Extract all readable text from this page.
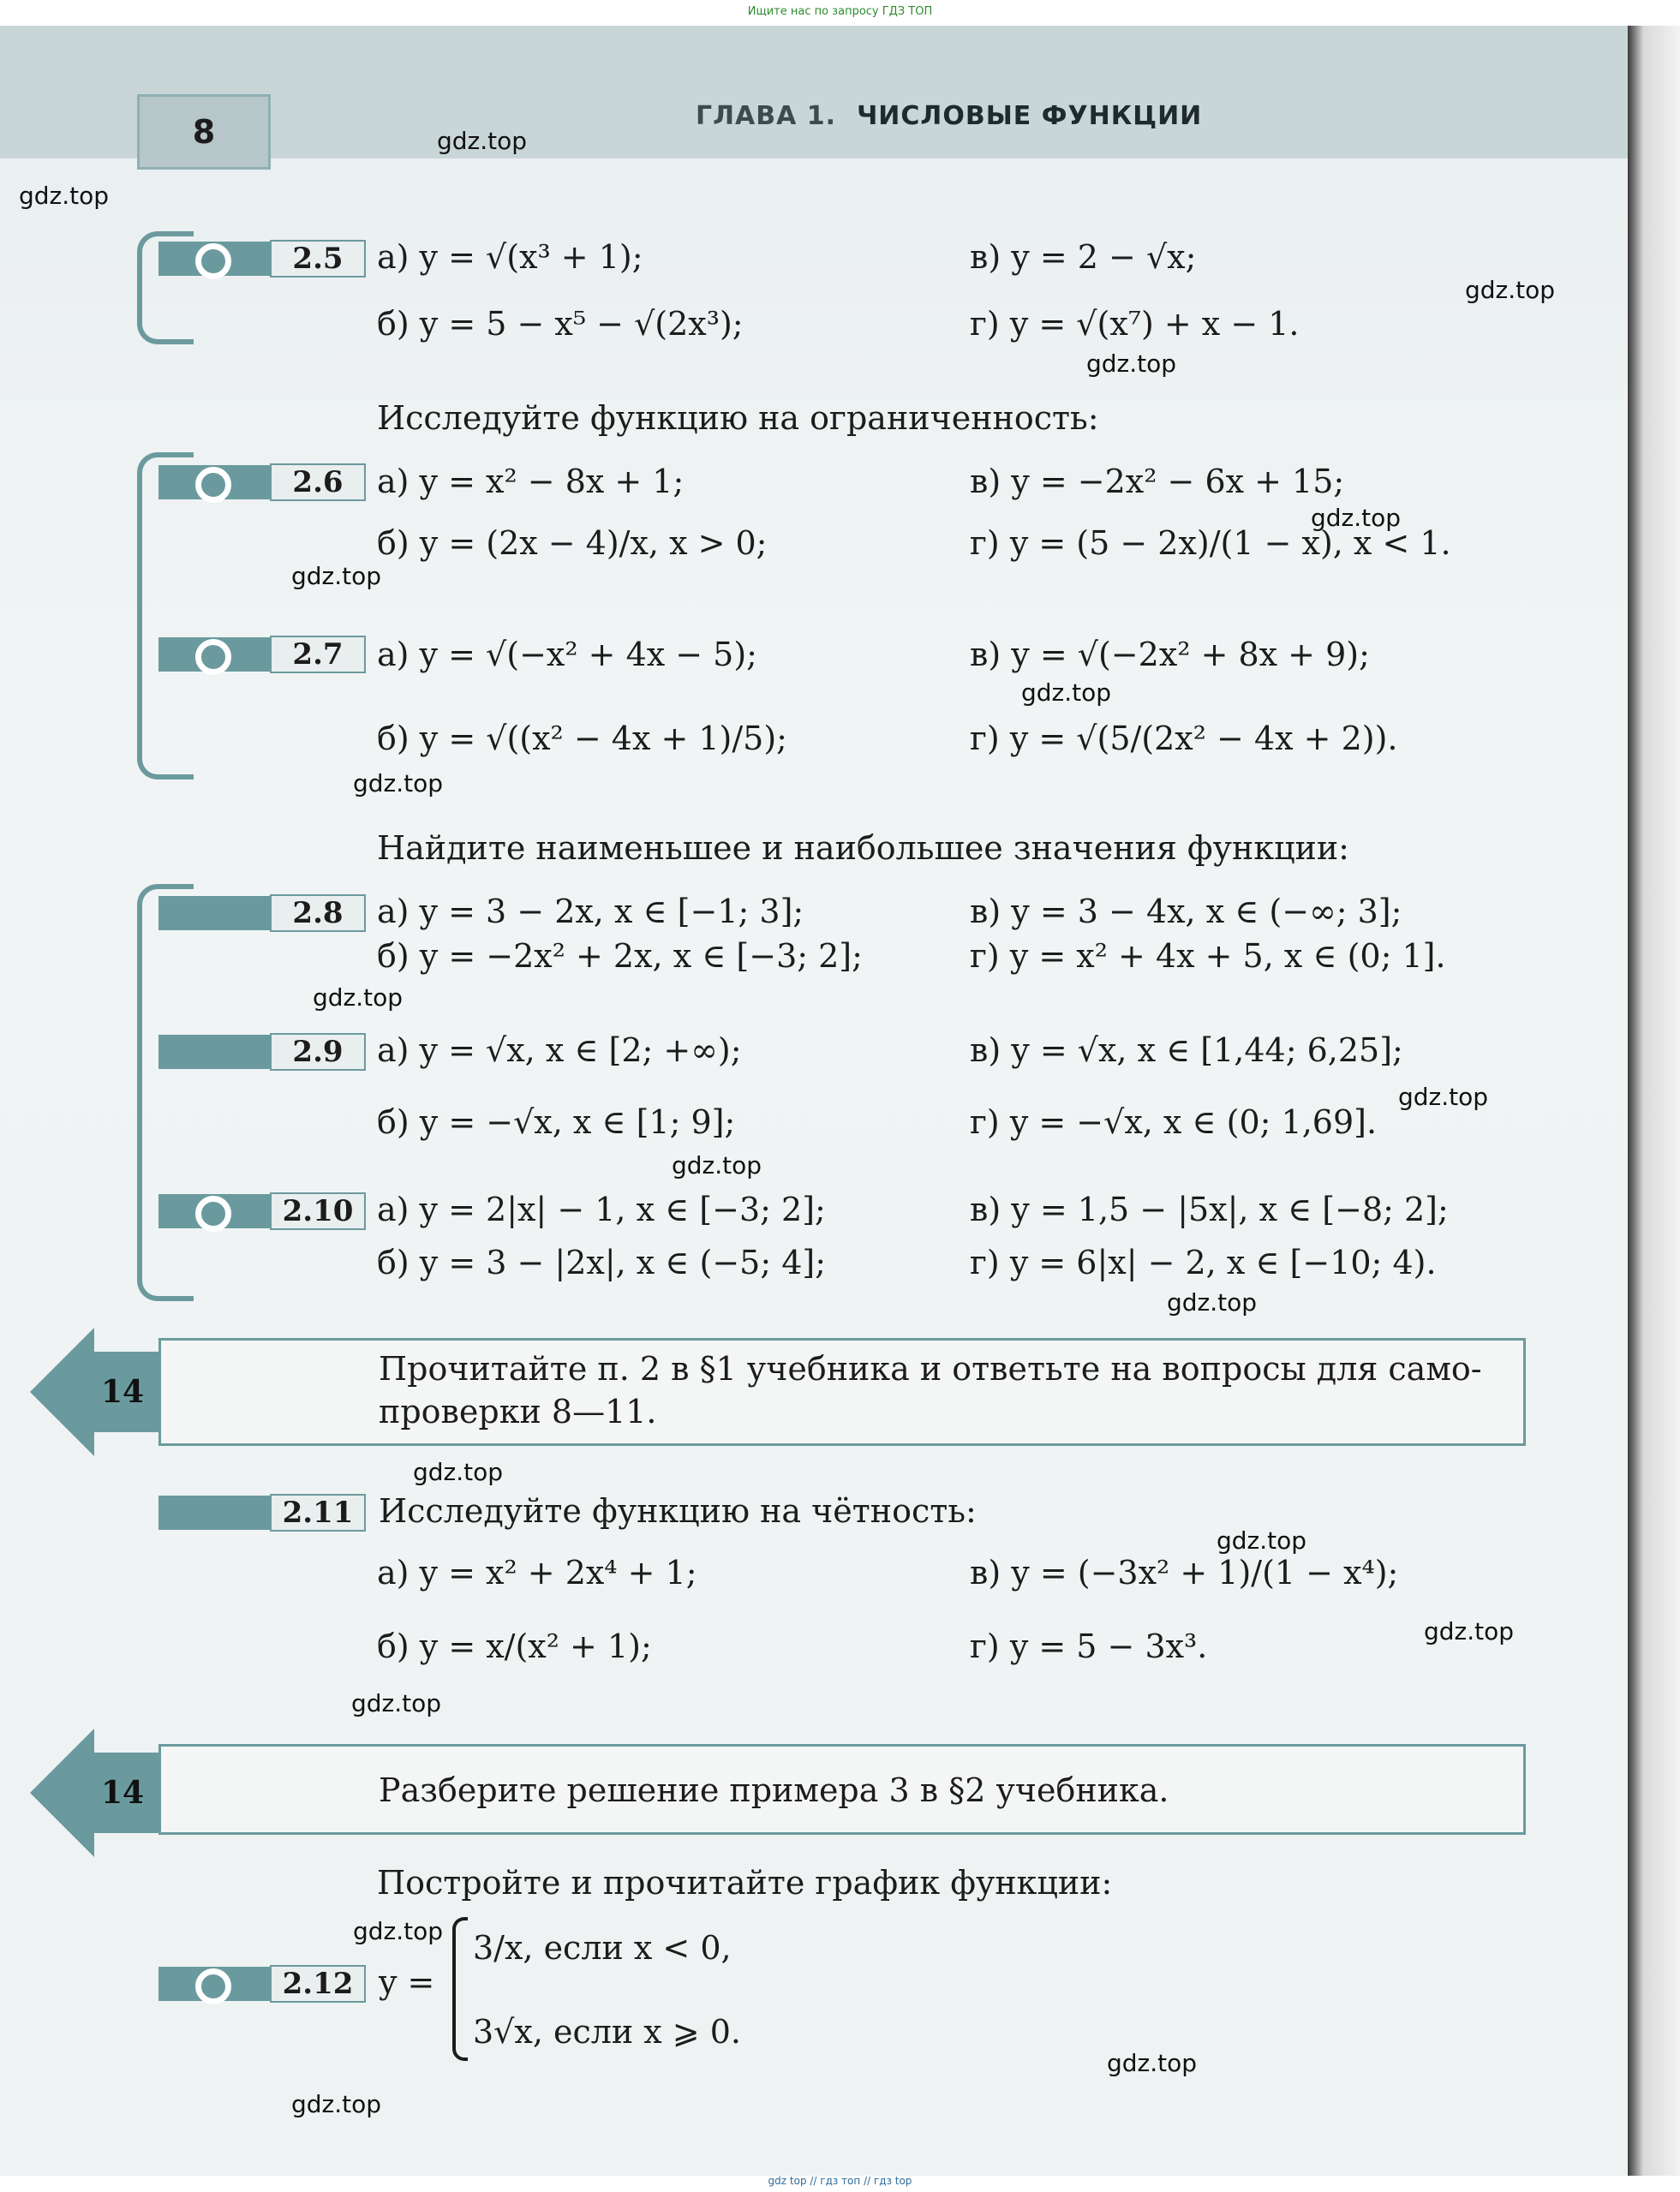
Ищите нас по запросу ГДЗ ТОП
8	ГЛАВА 1. ЧИСЛОВЫЕ ФУНКЦИИ
gdz.top
gdz.top
gdz.top
gdz.top
gdz.top
gdz.top
gdz.top
gdz.top
gdz.top
gdz.top
gdz.top
gdz.top
gdz.top
gdz.top
gdz.top
gdz.top
gdz.top
gdz.top
gdz.top
2.5	а) y = √(x³ + 1);	в) y = 2 − √x;
б) y = 5 − x⁵ − √(2x³);	г) y = √(x⁷) + x − 1.
Исследуйте функцию на ограниченность:
2.6	а) y = x² − 8x + 1;	в) y = −2x² − 6x + 15;
б) y = (2x − 4)/x, x > 0;	г) y = (5 − 2x)/(1 − x), x < 1.
2.7	а) y = √(−x² + 4x − 5);	в) y = √(−2x² + 8x + 9);
б) y = √((x² − 4x + 1)/5);	г) y = √(5/(2x² − 4x + 2)).
Найдите наименьшее и наибольшее значения функции:
2.8	а) y = 3 − 2x, x ∈ [−1; 3];	в) y = 3 − 4x, x ∈ (−∞; 3];
б) y = −2x² + 2x, x ∈ [−3; 2];	г) y = x² + 4x + 5, x ∈ (0; 1].
2.9	а) y = √x, x ∈ [2; +∞);	в) y = √x, x ∈ [1,44; 6,25];
б) y = −√x, x ∈ [1; 9];	г) y = −√x, x ∈ (0; 1,69].
2.10 а) y = 2|x| − 1, x ∈ [−3; 2];	в) y = 1,5 − |5x|, x ∈ [−8; 2];
б) y = 3 − |2x|, x ∈ (−5; 4];	г) y = 6|x| − 2, x ∈ [−10; 4).
14
Прочитайте п. 2 в §1 учебника и ответьте на вопросы для само-
проверки 8—11.
2.11 Исследуйте функцию на чётность:
а) y = x² + 2x⁴ + 1;	в) y = (−3x² + 1)/(1 − x⁴);
б) y = x/(x² + 1);	г) y = 5 − 3x³.
14	Разберите решение примера 3 в §2 учебника.
Постройте и прочитайте график функции:
2.12 y =
3/x, если x < 0,
3√x, если x ⩾ 0.
gdz top // гдз топ // гдз top
